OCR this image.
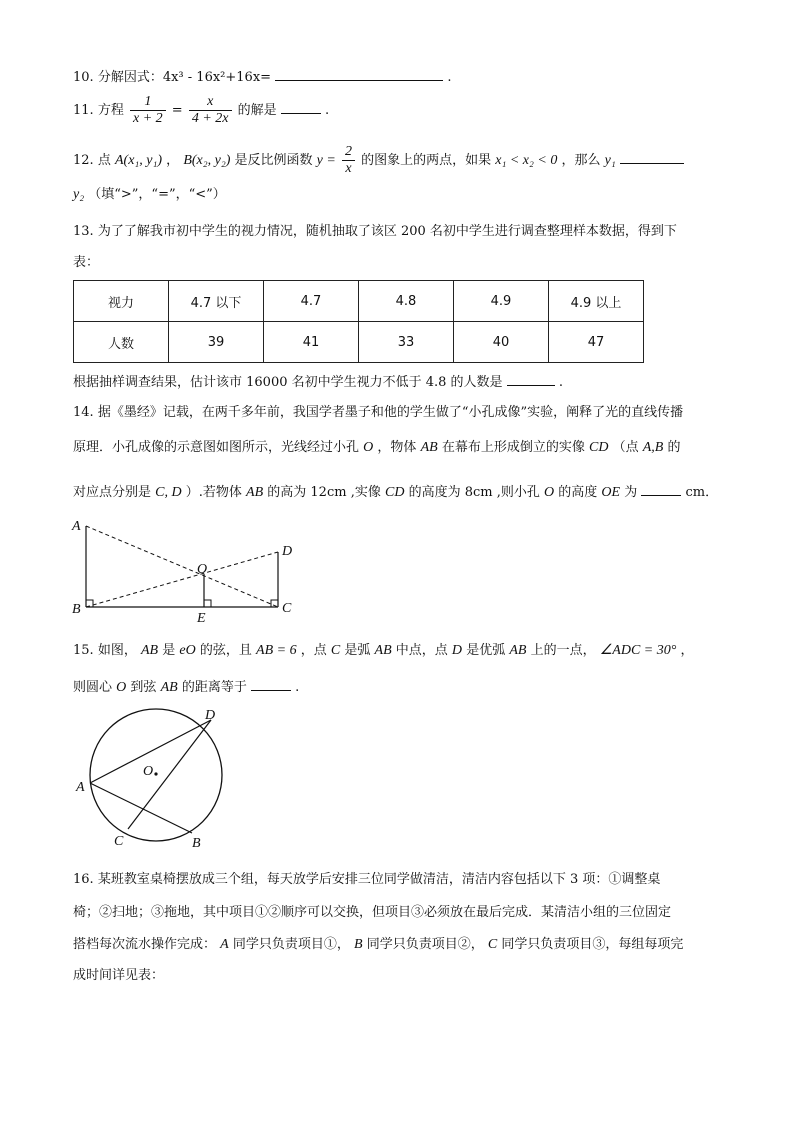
10. 分解因式：4x³ - 16x²+16x=	.
11. 方程 $\frac{1}{x + 2} = \frac{x}{4 + 2x}$ 的解是	.
12. 点 A(x₁, y₁) ， B(x₂, y₂) 是反比例函数 $y = \frac{2}{x}$ 的图象上的两点，如果 x₁ < x₂ < 0 ，那么 y₁
y₂ （填“>”，“=”，“<”）
13. 为了了解我市初中学生的视力情况，随机抽取了该区 200 名初中学生进行调查整理样本数据，得到下
表：
视力	4.7 以下	4.7	4.8	4.9	4.9 以上
人数	39	41	33	40	47
根据抽样调查结果，估计该市 16000 名初中学生视力不低于 4.8 的人数是	.
14. 据《墨经》记载，在两千多年前，我国学者墨子和他的学生做了“小孔成像”实验，阐释了光的直线传播
原理．小孔成像的示意图如图所示，光线经过小孔 O ，物体 AB 在幕布上形成倒立的实像 CD （点 A,B 的
对应点分别是 C, D ）.若物体 AB 的高为 12cm ,实像 CD 的高度为 8cm ,则小孔 O 的高度 OE 为	cm．
A
B
O
E
C
D
15. 如图， AB 是 eO 的弦，且 AB = 6 ，点 C 是弧 AB 中点，点 D 是优弧 AB 上的一点， ∠ADC = 30° ，
则圆心 O 到弦 AB 的距离等于	.
D
O
A
C	B
16. 某班教室桌椅摆放成三个组，每天放学后安排三位同学做清洁，清洁内容包括以下 3 项：①调整桌
椅；②扫地；③拖地，其中项目①②顺序可以交换，但项目③必须放在最后完成．某清洁小组的三位固定
搭档每次流水操作完成： A 同学只负责项目①， B 同学只负责项目②， C 同学只负责项目③，每组每项完
成时间详见表：
